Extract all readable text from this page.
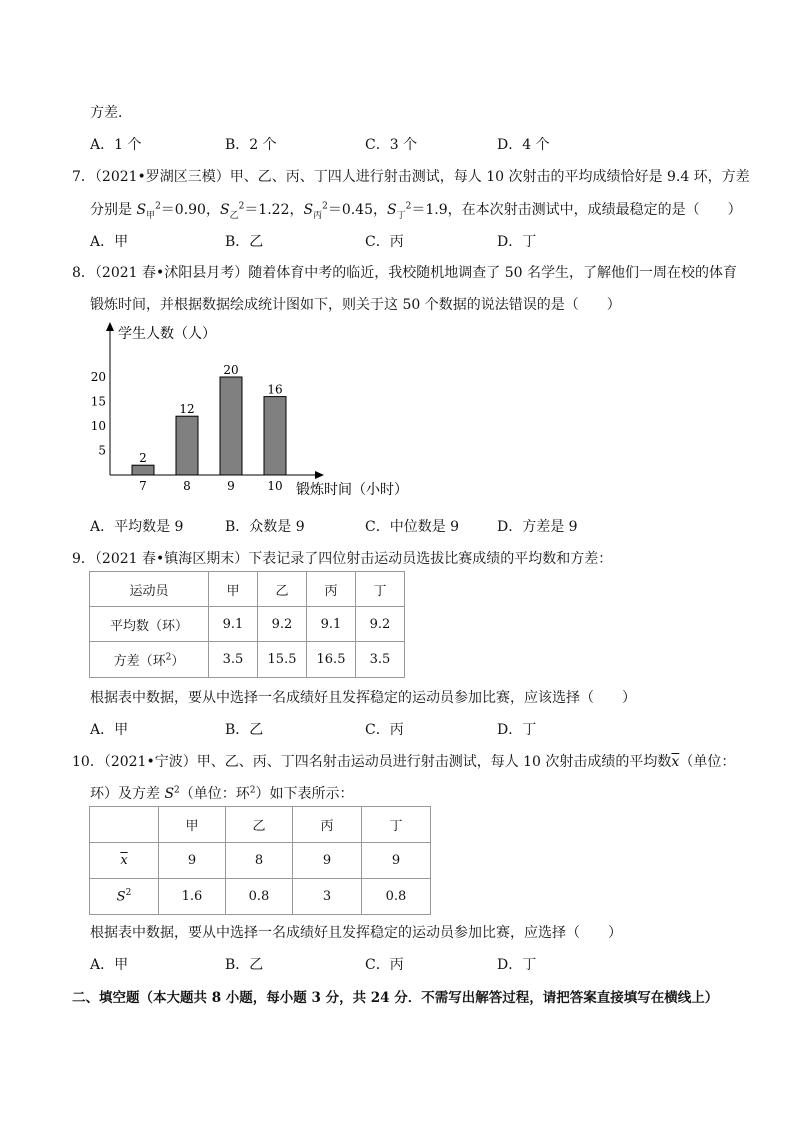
方差．
A．1 个	B．2 个	C．3 个	D．4 个
7．（2021•罗湖区三模）甲、乙、丙、丁四人进行射击测试，每人 10 次射击的平均成绩恰好是 9.4 环，方差
分别是 $S_甲^2=0.90$，$S_乙^2=1.22$，$S_丙^2=0.45$，$S_丁^2=1.9$，在本次射击测试中，成绩最稳定的是（　　）
A．甲	B．乙	C．丙	D．丁
8．（2021 春•沭阳县月考）随着体育中考的临近，我校随机地调查了 50 名学生，了解他们一周在校的体育
锻炼时间，并根据数据绘成统计图如下，则关于这 50 个数据的说法错误的是（　　）
学生人数（人）
锻炼时间（小时）
5
10
15
20
2
7
12
8
20
9
16
10
A．平均数是 9	B．众数是 9	C．中位数是 9	D．方差是 9
9．（2021 春•镇海区期末）下表记录了四位射击运动员选拔比赛成绩的平均数和方差：
运动员	甲	乙	丙	丁
平均数（环）	9.1	9.2	9.1	9.2
方差（环$^2$）	3.5	15.5	16.5	3.5
根据表中数据，要从中选择一名成绩好且发挥稳定的运动员参加比赛，应该选择（　　）
A．甲	B．乙	C．丙	D．丁
10．（2021•宁波）甲、乙、丙、丁四名射击运动员进行射击测试，每人 10 次射击成绩的平均数$\overline{x}$（单位：
环）及方差 $S^2$（单位：环$^2$）如下表所示：
	甲	乙	丙	丁
$\overline{x}$	9	8	9	9
$S^2$	1.6	0.8	3	0.8
根据表中数据，要从中选择一名成绩好且发挥稳定的运动员参加比赛，应选择（　　）
A．甲	B．乙	C．丙	D．丁
二、填空题（本大题共 8 小题，每小题 3 分，共 24 分．不需写出解答过程，请把答案直接填写在横线上）
